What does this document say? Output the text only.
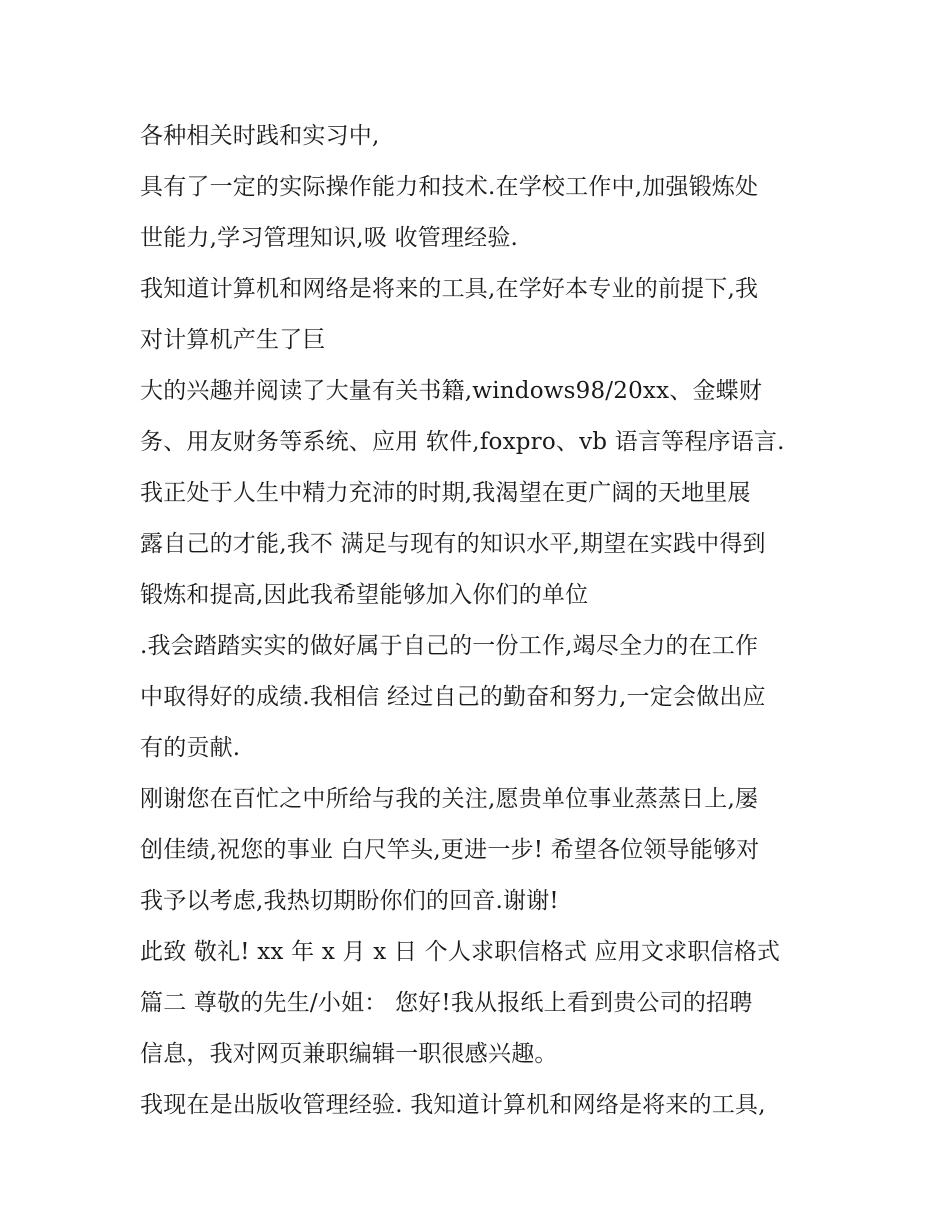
各种相关时践和实习中,
具有了一定的实际操作能力和技术.在学校工作中,加强锻炼处
世能力,学习管理知识,吸 收管理经验.
我知道计算机和网络是将来的工具,在学好本专业的前提下,我
对计算机产生了巨
大的兴趣并阅读了大量有关书籍,windows98/20xx、金蝶财
务、用友财务等系统、应用 软件,foxpro、vb 语言等程序语言.
我正处于人生中精力充沛的时期,我渴望在更广阔的天地里展
露自己的才能,我不 满足与现有的知识水平,期望在实践中得到
锻炼和提高,因此我希望能够加入你们的单位
.我会踏踏实实的做好属于自己的一份工作,竭尽全力的在工作
中取得好的成绩.我相信 经过自己的勤奋和努力,一定会做出应
有的贡献.
刚谢您在百忙之中所给与我的关注,愿贵单位事业蒸蒸日上,屡
创佳绩,祝您的事业 白尺竿头,更进一步! 希望各位领导能够对
我予以考虑,我热切期盼你们的回音.谢谢!
此致 敬礼! xx 年 x 月 x 日 个人求职信格式 应用文求职信格式
篇二 尊敬的先生/小姐： 您好!我从报纸上看到贵公司的招聘
信息，我对网页兼职编辑一职很感兴趣。
我现在是出版收管理经验. 我知道计算机和网络是将来的工具,
